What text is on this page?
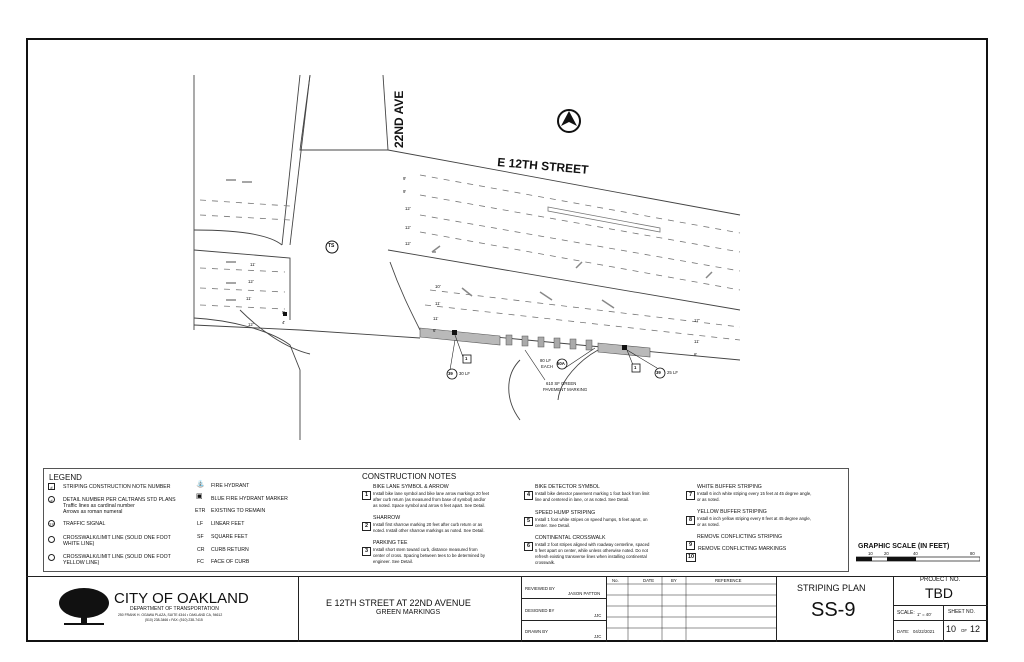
22ND AVE
E 12TH STREET
TS
9'
9'
12'
12'
12'
10'
11'
11'
6'
11'
12'
11'
12'
5'
4'	17'
11'
6'
1
39 30 LF
80 LF
EACH
50A
610 SF GREEN
PAVEMENT MARKING
1
39 25 LF
LEGEND
#	STRIPING CONSTRUCTION NOTE NUMBER
#	DETAIL NUMBER PER CALTRANS STD PLANS
Traffic lines as cardinal number
Arrows as roman numeral
TS TRAFFIC SIGNAL
CROSSWALK/LIMIT LINE (SOLID ONE FOOT
WHITE LINE)
CROSSWALK/LIMIT LINE (SOLID ONE FOOT
YELLOW LINE)
⛲ FIRE HYDRANT
▣ BLUE FIRE HYDRANT MARKER
ETR EXISTING TO REMAIN
LF LINEAR FEET
SF SQUARE FEET
CR CURB RETURN
FC FACE OF CURB
CONSTRUCTION NOTES
1
BIKE LANE SYMBOL & ARROW
Install bike lane symbol and bike lane arrow markings 20 feet
after curb return (as measured from base of symbol) and/or
as noted. Space symbol and arrow 6 feet apart. See Detail.
2
SHARROW
Install first sharrow marking 20 feet after curb return or as
noted. Install other sharrow markings as noted. See Detail.
3
PARKING TEE
Install short stem toward curb, distance measured from
center of cross. Spacing between tees to be determined by
engineer. See Detail.
4
BIKE DETECTOR SYMBOL
Install bike detector pavement marking 1 foot back from limit
line and centered in lane, or as noted. See Detail.
5
SPEED HUMP STRIPING
Install 1 foot white stripes on speed humps, 5 feet apart, on
center. See Detail.
6
CONTINENTAL CROSSWALK
Install 2 foot stripes aligned with roadway centerline, spaced
5 feet apart on center, while unless otherwise noted. Do not
refresh existing transverse lines when installing continental
crosswalk.
7
WHITE BUFFER STRIPING
Install 6 inch white striping every 15 feet at 45 degree angle,
or as noted.
8
YELLOW BUFFER STRIPING
Install 6 inch yellow striping every 8 feet at 45 degree angle,
or as noted.
9
REMOVE CONFLICTING STRIPING
10
REMOVE CONFLICTING MARKINGS	GRAPHIC SCALE (IN FEET)
10	20	40	80
CITY OF OAKLAND
DEPARTMENT OF TRANSPORTATION
250 FRANK H. OGAWA PLAZA, SUITE 4344 • OAKLAND CA, 94612
(510) 238-3466 • FAX: (510) 238-7415
E 12TH STREET AT 22ND AVENUE
GREEN MARKINGS
REVIEWED BY
JASON PATTON
DESIGNED BY
JJC
DRAWN BY
JJC
No.	DATE	BY	REFERENCE
STRIPING PLAN
SS-9
PROJECT NO.
TBD
SCALE: 1" = 40'	SHEET NO.
10 OF 12
DATE: 04/22/2021
